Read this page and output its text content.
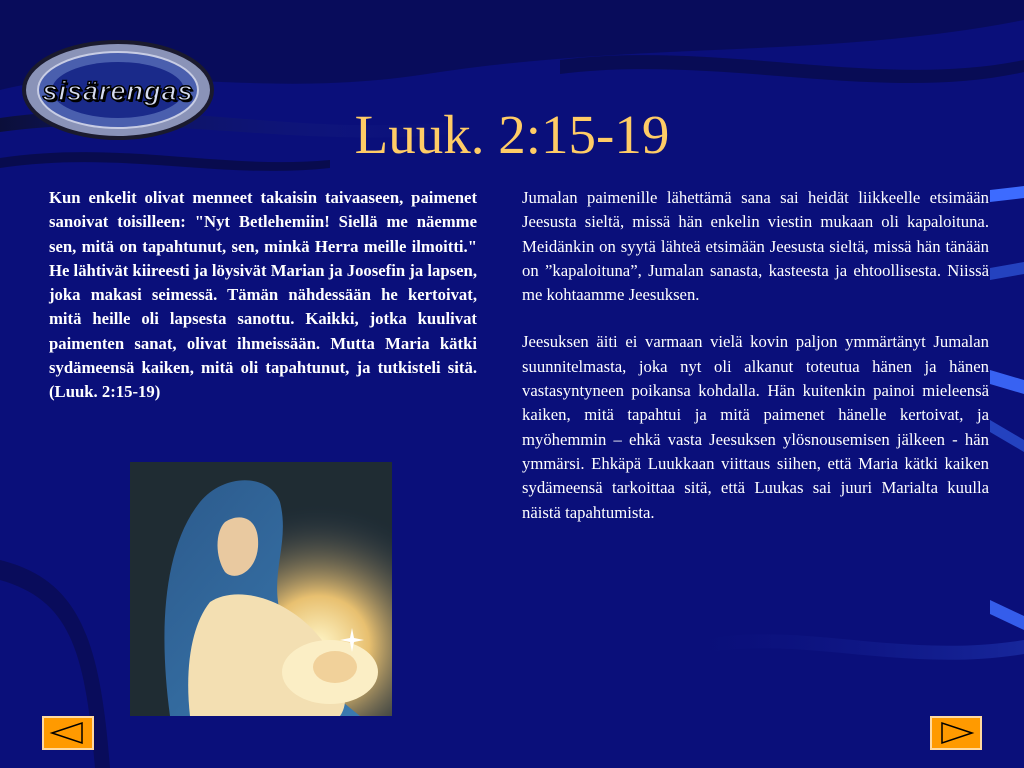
sisärengas
Luuk. 2:15-19

Kun enkelit olivat menneet takaisin taivaaseen, paimenet sanoivat toisilleen: "Nyt Betlehemiin! Siellä me näemme sen, mitä on tapahtunut, sen, minkä Herra meille ilmoitti." He lähtivät kiireesti ja löysivät Marian ja Joosefin ja lapsen, joka makasi seimessä. Tämän nähdessään he kertoivat, mitä heille oli lapsesta sanottu. Kaikki, jotka kuulivat paimenten sanat, olivat ihmeissään. Mutta Maria kätki sydämeensä kaiken, mitä oli tapahtunut, ja tutkisteli sitä. (Luuk. 2:15-19)

Jumalan paimenille lähettämä sana sai heidät liikkeelle etsimään Jeesusta sieltä, missä hän enkelin viestin mukaan oli kapaloituna. Meidänkin on syytä lähteä etsimään Jeesusta sieltä, missä hän tänään on ”kapaloituna”, Jumalan sanasta, kasteesta ja ehtoollisesta. Niissä me kohtaamme Jeesuksen.

Jeesuksen äiti ei varmaan vielä kovin paljon ymmärtänyt Jumalan suunnitelmasta, joka nyt oli alkanut toteutua hänen ja hänen vastasyntyneen poikansa kohdalla. Hän kuitenkin painoi mieleensä kaiken, mitä tapahtui ja mitä paimenet hänelle kertoivat, ja myöhemmin – ehkä vasta Jeesuksen ylösnousemisen jälkeen - hän ymmärsi. Ehkäpä Luukkaan viittaus siihen, että Maria kätki kaiken sydämeensä tarkoittaa sitä, että Luukas sai juuri Marialta kuulla näistä tapahtumista.
